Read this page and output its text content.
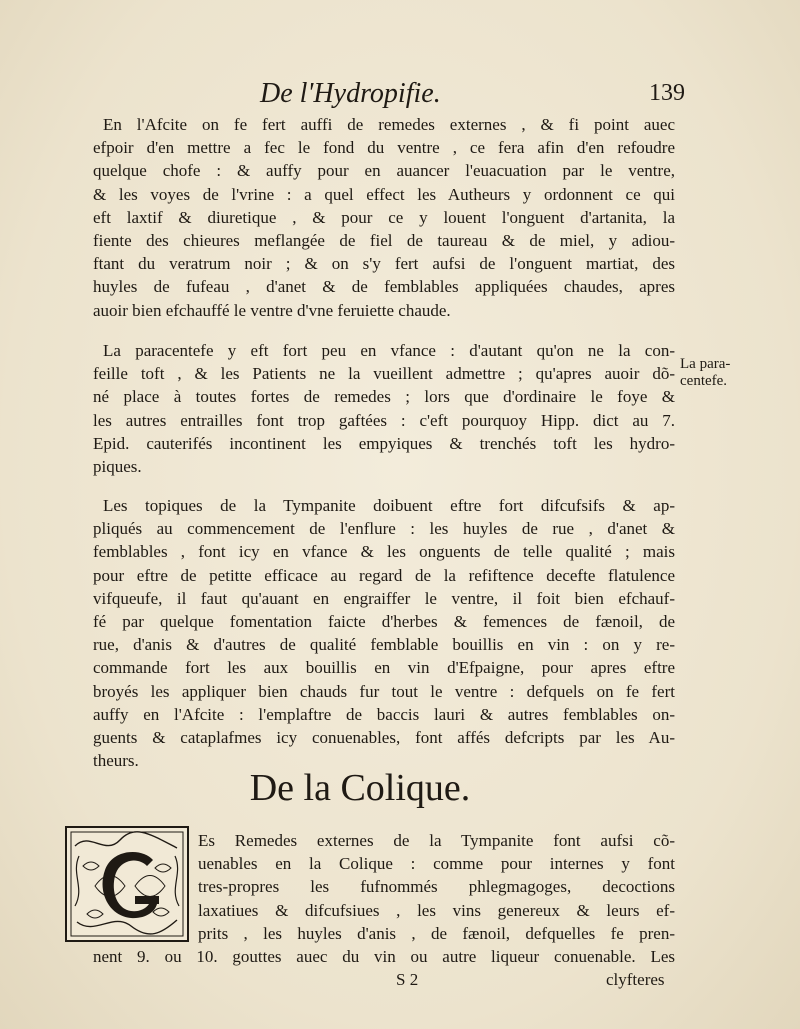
De l'Hydropifie.	139
En l'Afcite on fe fert auffi de remedes externes , & fi point auec
efpoir d'en mettre a fec le fond du ventre , ce fera afin d'en refoudre
quelque chofe : & auffy pour en auancer l'euacuation par le ventre,
& les voyes de l'vrine : a quel effect les Autheurs y ordonnent ce qui
eft laxtif & diuretique , & pour ce y louent l'onguent d'artanita, la
fiente des chieures meflangée de fiel de taureau & de miel, y adiou-
ftant du veratrum noir ; & on s'y fert aufsi de l'onguent martiat, des
huyles de fufeau , d'anet & de femblables appliquées chaudes, apres
auoir bien efchauffé le ventre d'vne feruiette chaude.
La paracentefe y eft fort peu en vfance : d'autant qu'on ne la con-
feille toft , & les Patients ne la vueillent admettre ; qu'apres auoir dõ-
né place à toutes fortes de remedes ; lors que d'ordinaire le foye &
les autres entrailles font trop gaftées : c'eft pourquoy Hipp. dict au 7.
Epid. cauterifés incontinent les empyiques & trenchés toft les hydro-
piques.
La para-
centefe.
Les topiques de la Tympanite doibuent eftre fort difcufsifs & ap-
pliqués au commencement de l'enflure : les huyles de rue , d'anet &
femblables , font icy en vfance & les onguents de telle qualité ; mais
pour eftre de petitte efficace au regard de la refiftence decefte flatulence
vifqueufe, il faut qu'auant en engraiffer le ventre, il foit bien efchauf-
fé par quelque fomentation faicte d'herbes & femences de fænoil, de
rue, d'anis & d'autres de qualité femblable bouillis en vin : on y re-
commande fort les aux bouillis en vin d'Efpaigne, pour apres eftre
broyés les appliquer bien chauds fur tout le ventre : defquels on fe fert
auffy en l'Afcite : l'emplaftre de baccis lauri & autres femblables on-
guents & cataplafmes icy conuenables, font affés defcripts par les Au-
theurs.
De la Colique.
Es Remedes externes de la Tympanite font aufsi cõ-
uenables en la Colique : comme pour internes y font
tres-propres les fufnommés phlegmagoges, decoctions
laxatiues & difcufsiues , les vins genereux & leurs ef-
prits , les huyles d'anis , de fænoil, defquelles fe pren-
nent 9. ou 10. gouttes auec du vin ou autre liqueur conuenable. Les
S 2	clyfteres
